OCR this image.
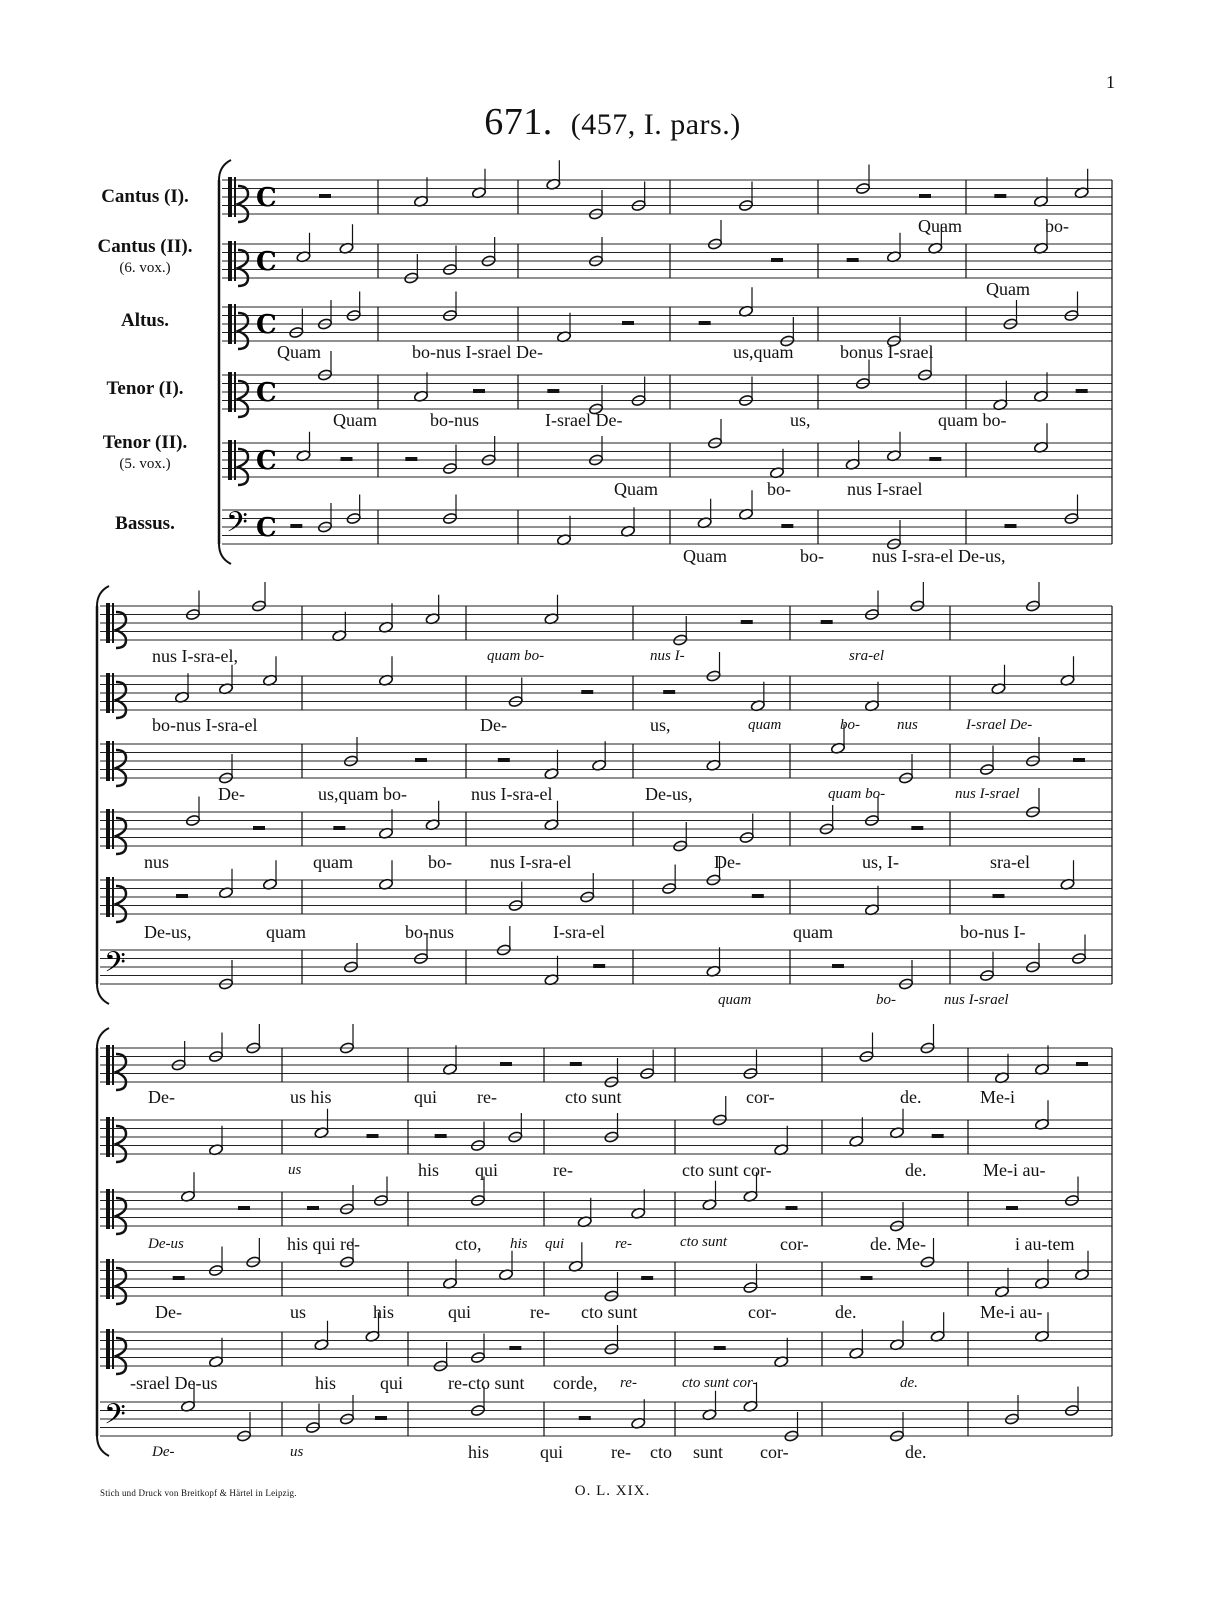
1
671. (457, I. pars.)
Cantus (I).
Cantus (II).
(6. vox.)
Altus.
Tenor (I).
Tenor (II).
(5. vox.)
Bassus.
C
C
C
C
C
𝄢 C
𝄢
𝄢
Quam	bo-
Quam
Quam	bo-nus I-srael De-	us,quam	bonus I-srael
Quam	bo-nus	I-srael De-	us,	quam bo-
Quam	bo-	nus I-srael
Quam	bo-	nus I-sra-el De-us,
nus I-sra-el,	quam bo-	nus I-	sra-el
bo-nus I-sra-el	De-	us,	quam	bo- nus	I-srael De-
De-	us,quam bo-	nus I-sra-el	De-us,	quam bo-	nus I-srael
nus	quam	bo- nus I-sra-el	De-	us, I-	sra-el
De-us,	quam	bo-nus	I-sra-el	quam	bo-nus I-
quam	bo-	nus I-srael
De-	us his	qui re-	cto sunt	cor-	de.	Me-i
us	his qui	re-	cto sunt cor-	de.	Me-i au-
De-us	his qui re-	cto, his qui	re-	cto sunt	cor-	de. Me-	i au-tem
De-	us	his	qui	re- cto sunt	cor-	de.	Me-i au-
-srael De-us	his qui re-cto sunt corde, re-	cto sunt cor-	de.
De-	us	his	qui	re- cto sunt cor-	de.
Stich und Druck von Breitkopf & Härtel in Leipzig.	O. L. XIX.
